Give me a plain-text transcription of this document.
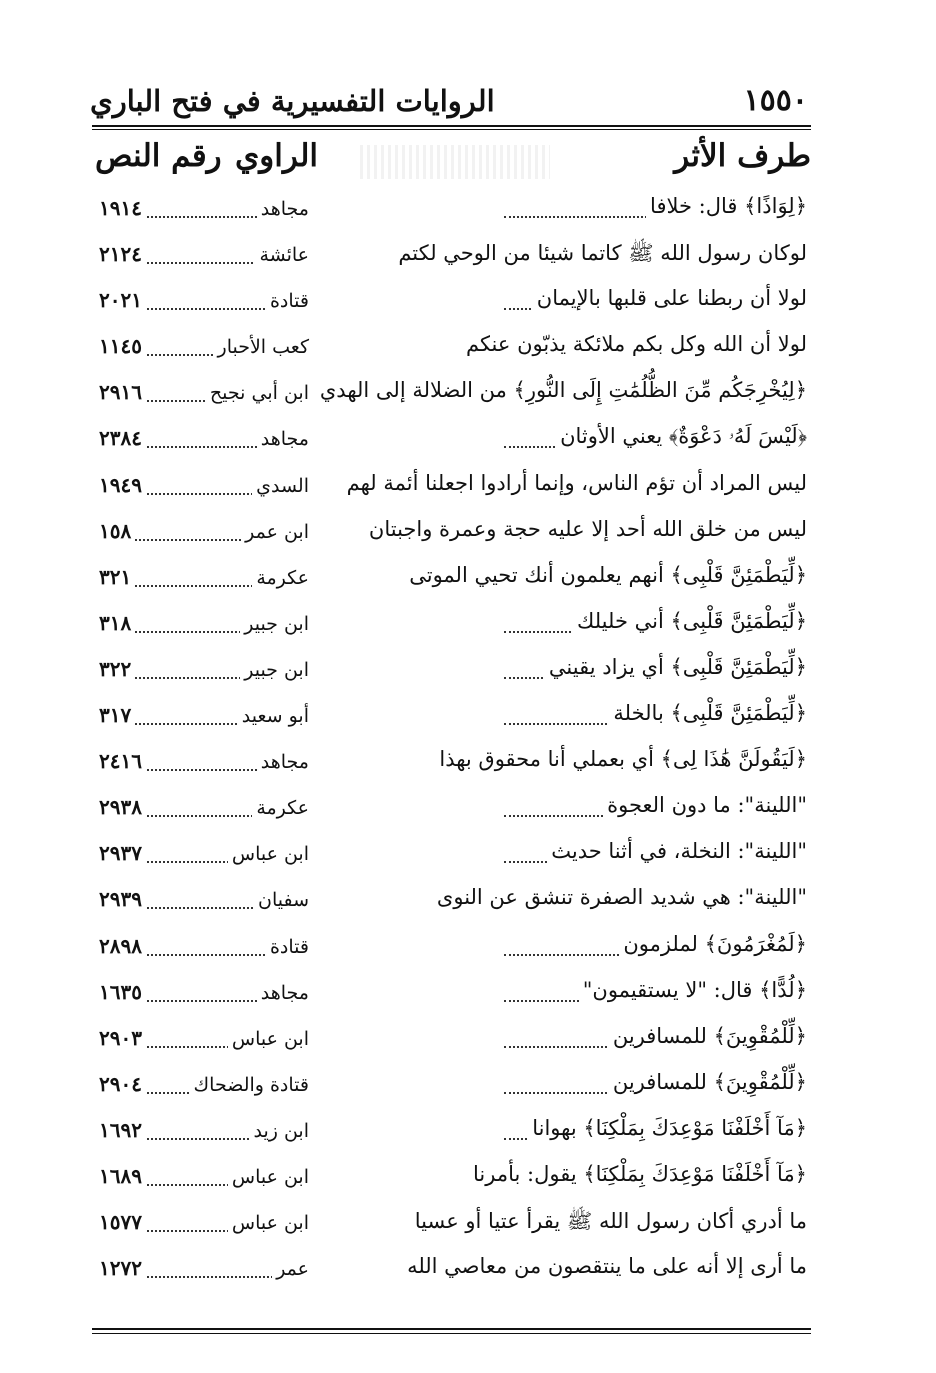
١٥٥٠
الروايات التفسيرية في فتح الباري
طرف الأثر
الراوي
رقم النص
﴿لِوَاذًا﴾ قال: خلافا
مجاهد
١٩١٤
لوكان رسول الله ﷺ كاتما شيئا من الوحي لكتم
عائشة
٢١٢٤
لولا أن ربطنا على قلبها بالإيمان
قتادة
٢٠٢١
لولا أن الله وكل بكم ملائكة يذبّون عنكم
كعب الأحبار
١١٤٥
﴿لِيُخْرِجَكُم مِّنَ الظُّلُمَٰتِ إِلَى النُّورِ﴾ من الضلالة إلى الهدي
ابن أبي نجيح
٢٩١٦
﴿لَيْسَ لَهُۥ دَعْوَةٌ﴾ يعني الأوثان
مجاهد
٢٣٨٤
ليس المراد أن تؤم الناس، وإنما أرادوا اجعلنا أئمة لهم
السدي
١٩٤٩
ليس من خلق الله أحد إلا عليه حجة وعمرة واجبتان
ابن عمر
١٥٨
﴿لِّيَطْمَئِنَّ قَلْبِى﴾ أنهم يعلمون أنك تحيي الموتى
عكرمة
٣٢١
﴿لِّيَطْمَئِنَّ قَلْبِى﴾ أني خليلك
ابن جبير
٣١٨
﴿لِّيَطْمَئِنَّ قَلْبِى﴾ أي يزاد يقيني
ابن جبير
٣٢٢
﴿لِّيَطْمَئِنَّ قَلْبِى﴾ بالخلة
أبو سعيد
٣١٧
﴿لَيَقُولَنَّ هَٰذَا لِى﴾ أي بعملي أنا محقوق بهذا
مجاهد
٢٤١٦
"اللينة": ما دون العجوة
عكرمة
٢٩٣٨
"اللينة": النخلة، في أثنا حديث
ابن عباس
٢٩٣٧
"اللينة": هي شديد الصفرة تنشق عن النوى
سفيان
٢٩٣٩
﴿لَمُغْرَمُونَ﴾ لملزمون
قتادة
٢٨٩٨
﴿لُدًّا﴾ قال: "لا يستقيمون"
مجاهد
١٦٣٥
﴿لِّلْمُقْوِينَ﴾ للمسافرين
ابن عباس
٢٩٠٣
﴿لِّلْمُقْوِينَ﴾ للمسافرين
قتادة والضحاك
٢٩٠٤
﴿مَآ أَخْلَفْنَا مَوْعِدَكَ بِمَلْكِنَا﴾ بهوانا
ابن زيد
١٦٩٢
﴿مَآ أَخْلَفْنَا مَوْعِدَكَ بِمَلْكِنَا﴾ يقول: بأمرنا
ابن عباس
١٦٨٩
ما أدري أكان رسول الله ﷺ يقرأ عتيا أو عسيا
ابن عباس
١٥٧٧
ما أرى إلا أنه على ما ينتقصون من معاصي الله
عمر
١٢٧٢
